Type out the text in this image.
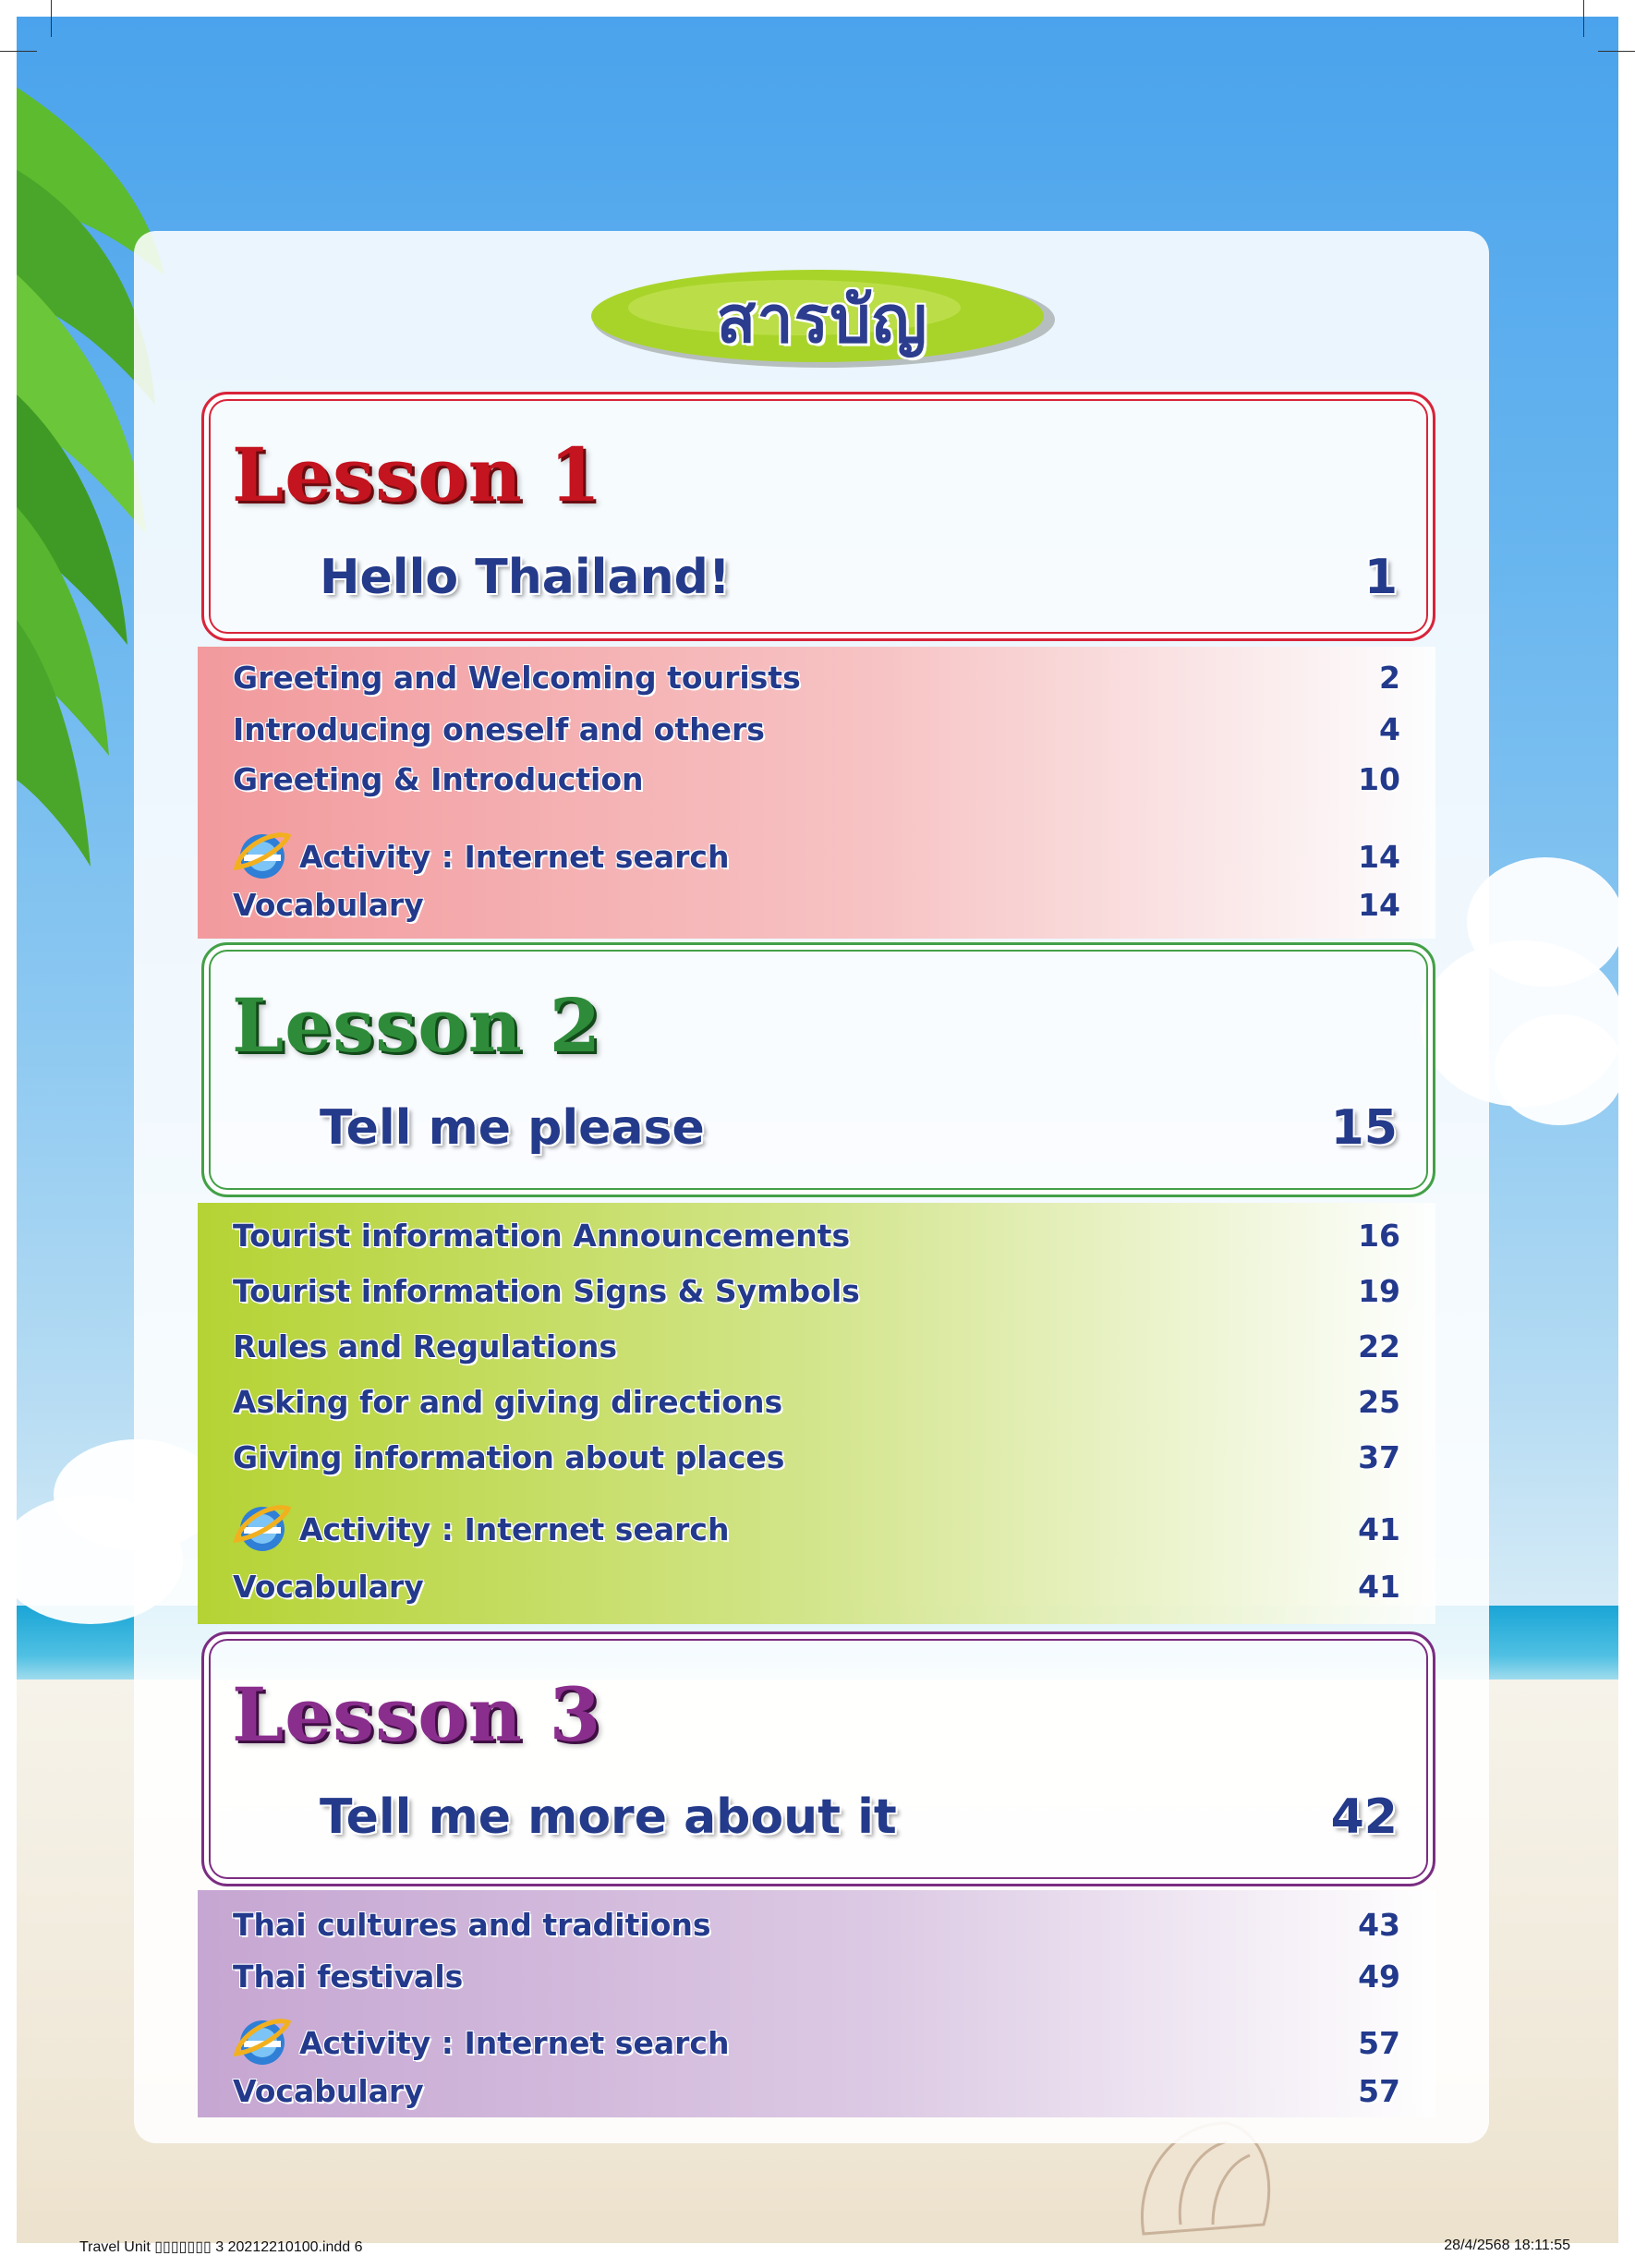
สารบัญ
Lesson 1
Hello Thailand!	1
Greeting and Welcoming tourists	2
Introducing oneself and others	4
Greeting & Introduction	10
Activity : Internet search	14
Vocabulary	14
Lesson 2
Tell me please	15
Tourist information Announcements	16
Tourist information Signs & Symbols	19
Rules and Regulations	22
Asking for and giving directions	25
Giving information about places	37
Activity : Internet search	41
Vocabulary	41
Lesson 3
Tell me more about it	42
Thai cultures and traditions	43
Thai festivals	49
Activity : Internet search	57
Vocabulary	57
Travel Unit ▯▯▯▯▯▯▯ 3 20212210100.indd 6	28/4/2568 18:11:55
